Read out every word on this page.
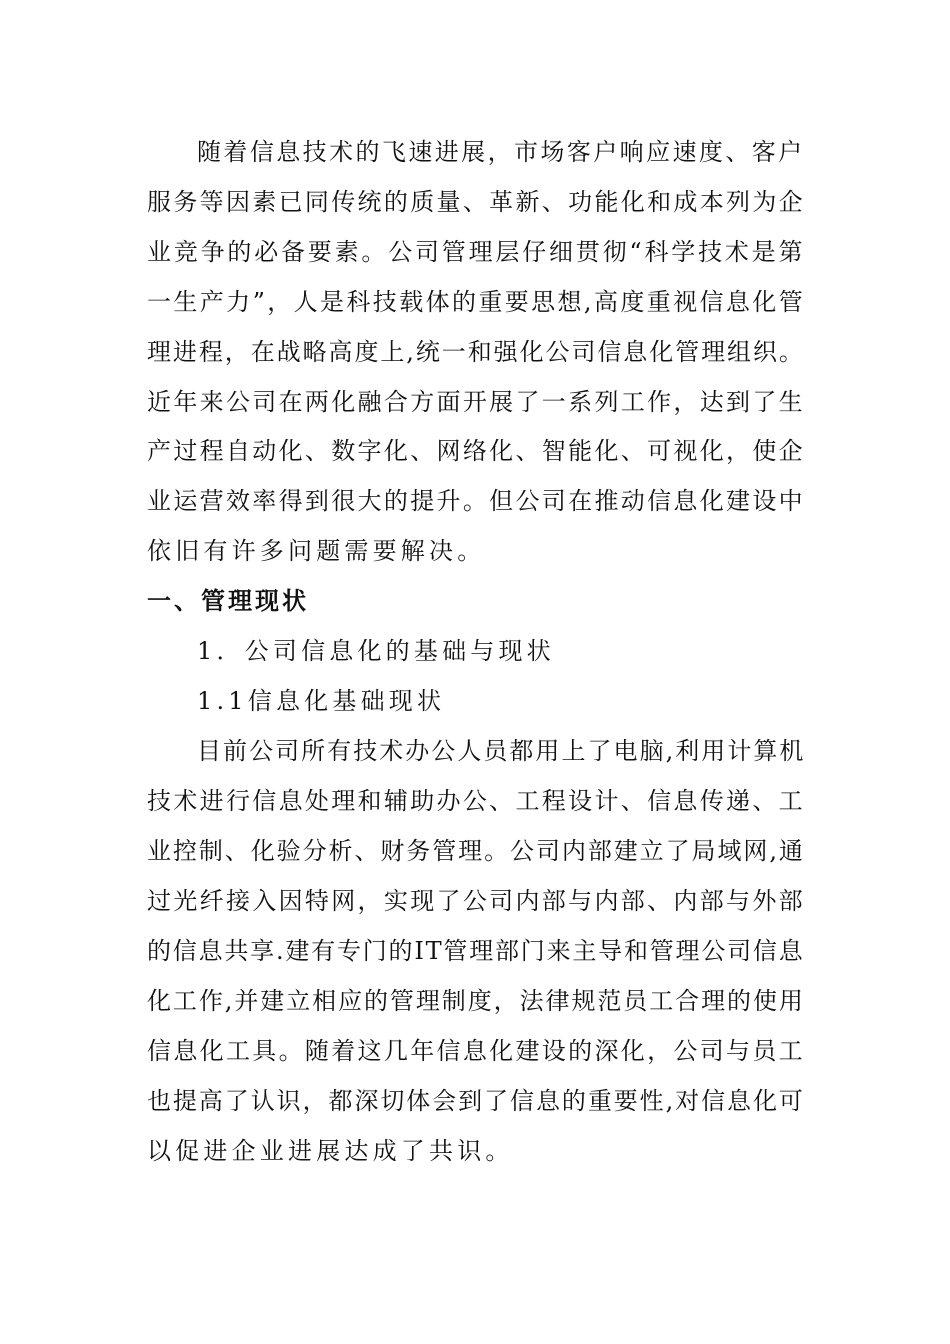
随着信息技术的飞速进展，市场客户响应速度、客户
服务等因素已同传统的质量、革新、功能化和成本列为企
业竞争的必备要素。公司管理层仔细贯彻“科学技术是第
一生产力”，人是科技载体的重要思想,高度重视信息化管
理进程，在战略高度上,统一和强化公司信息化管理组织。
近年来公司在两化融合方面开展了一系列工作，达到了生
产过程自动化、数字化、网络化、智能化、可视化，使企
业运营效率得到很大的提升。但公司在推动信息化建设中
依旧有许多问题需要解决。
一、管理现状
1．公司信息化的基础与现状
1.1信息化基础现状
目前公司所有技术办公人员都用上了电脑,利用计算机
技术进行信息处理和辅助办公、工程设计、信息传递、工
业控制、化验分析、财务管理。公司内部建立了局域网,通
过光纤接入因特网，实现了公司内部与内部、内部与外部
的信息共享.建有专门的IT管理部门来主导和管理公司信息
化工作,并建立相应的管理制度，法律规范员工合理的使用
信息化工具。随着这几年信息化建设的深化，公司与员工
也提高了认识，都深切体会到了信息的重要性,对信息化可
以促进企业进展达成了共识。
